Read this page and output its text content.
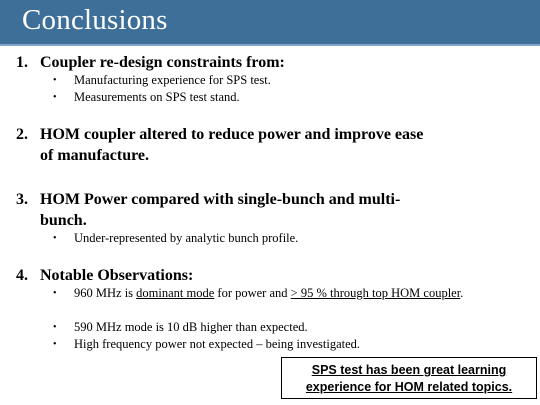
Conclusions
1. Coupler re-design constraints from:
• Manufacturing experience for SPS test.
• Measurements on SPS test stand.
2. HOM coupler altered to reduce power and improve ease
of manufacture.
3. HOM Power compared with single-bunch and multi-
bunch.
• Under-represented by analytic bunch profile.
4. Notable Observations:
• 960 MHz is dominant mode for power and > 95 % through top HOM coupler.
• 590 MHz mode is 10 dB higher than expected.
• High frequency power not expected – being investigated.
SPS test has been great learning
experience for HOM related topics.
